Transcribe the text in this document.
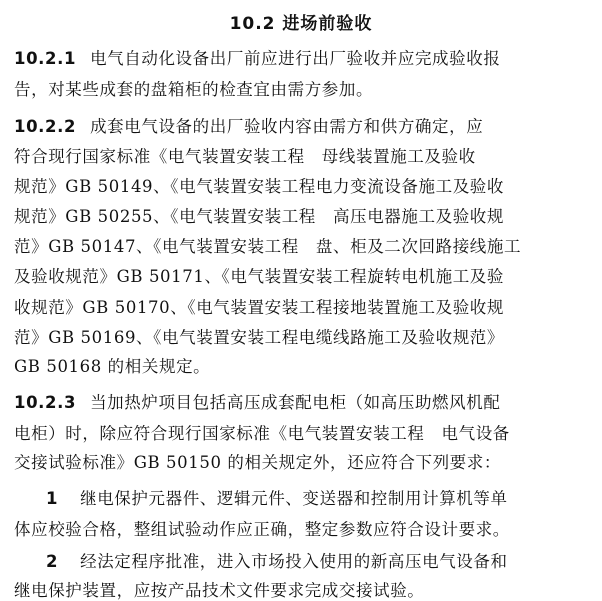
10.2 进场前验收
10.2.1 电气自动化设备出厂前应进行出厂验收并应完成验收报
告，对某些成套的盘箱柜的检查宜由需方参加。
10.2.2 成套电气设备的出厂验收内容由需方和供方确定，应
符合现行国家标准《电气装置安装工程　母线装置施工及验收
规范》GB 50149、《电气装置安装工程电力变流设备施工及验收
规范》GB 50255、《电气装置安装工程　高压电器施工及验收规
范》GB 50147、《电气装置安装工程　盘、柜及二次回路接线施工
及验收规范》GB 50171、《电气装置安装工程旋转电机施工及验
收规范》GB 50170、《电气装置安装工程接地装置施工及验收规
范》GB 50169、《电气装置安装工程电缆线路施工及验收规范》
GB 50168 的相关规定。
10.2.3 当加热炉项目包括高压成套配电柜（如高压助燃风机配
电柜）时，除应符合现行国家标准《电气装置安装工程　电气设备
交接试验标准》GB 50150 的相关规定外，还应符合下列要求：
1 继电保护元器件、逻辑元件、变送器和控制用计算机等单
体应校验合格，整组试验动作应正确，整定参数应符合设计要求。
2 经法定程序批准，进入市场投入使用的新高压电气设备和
继电保护装置，应按产品技术文件要求完成交接试验。
